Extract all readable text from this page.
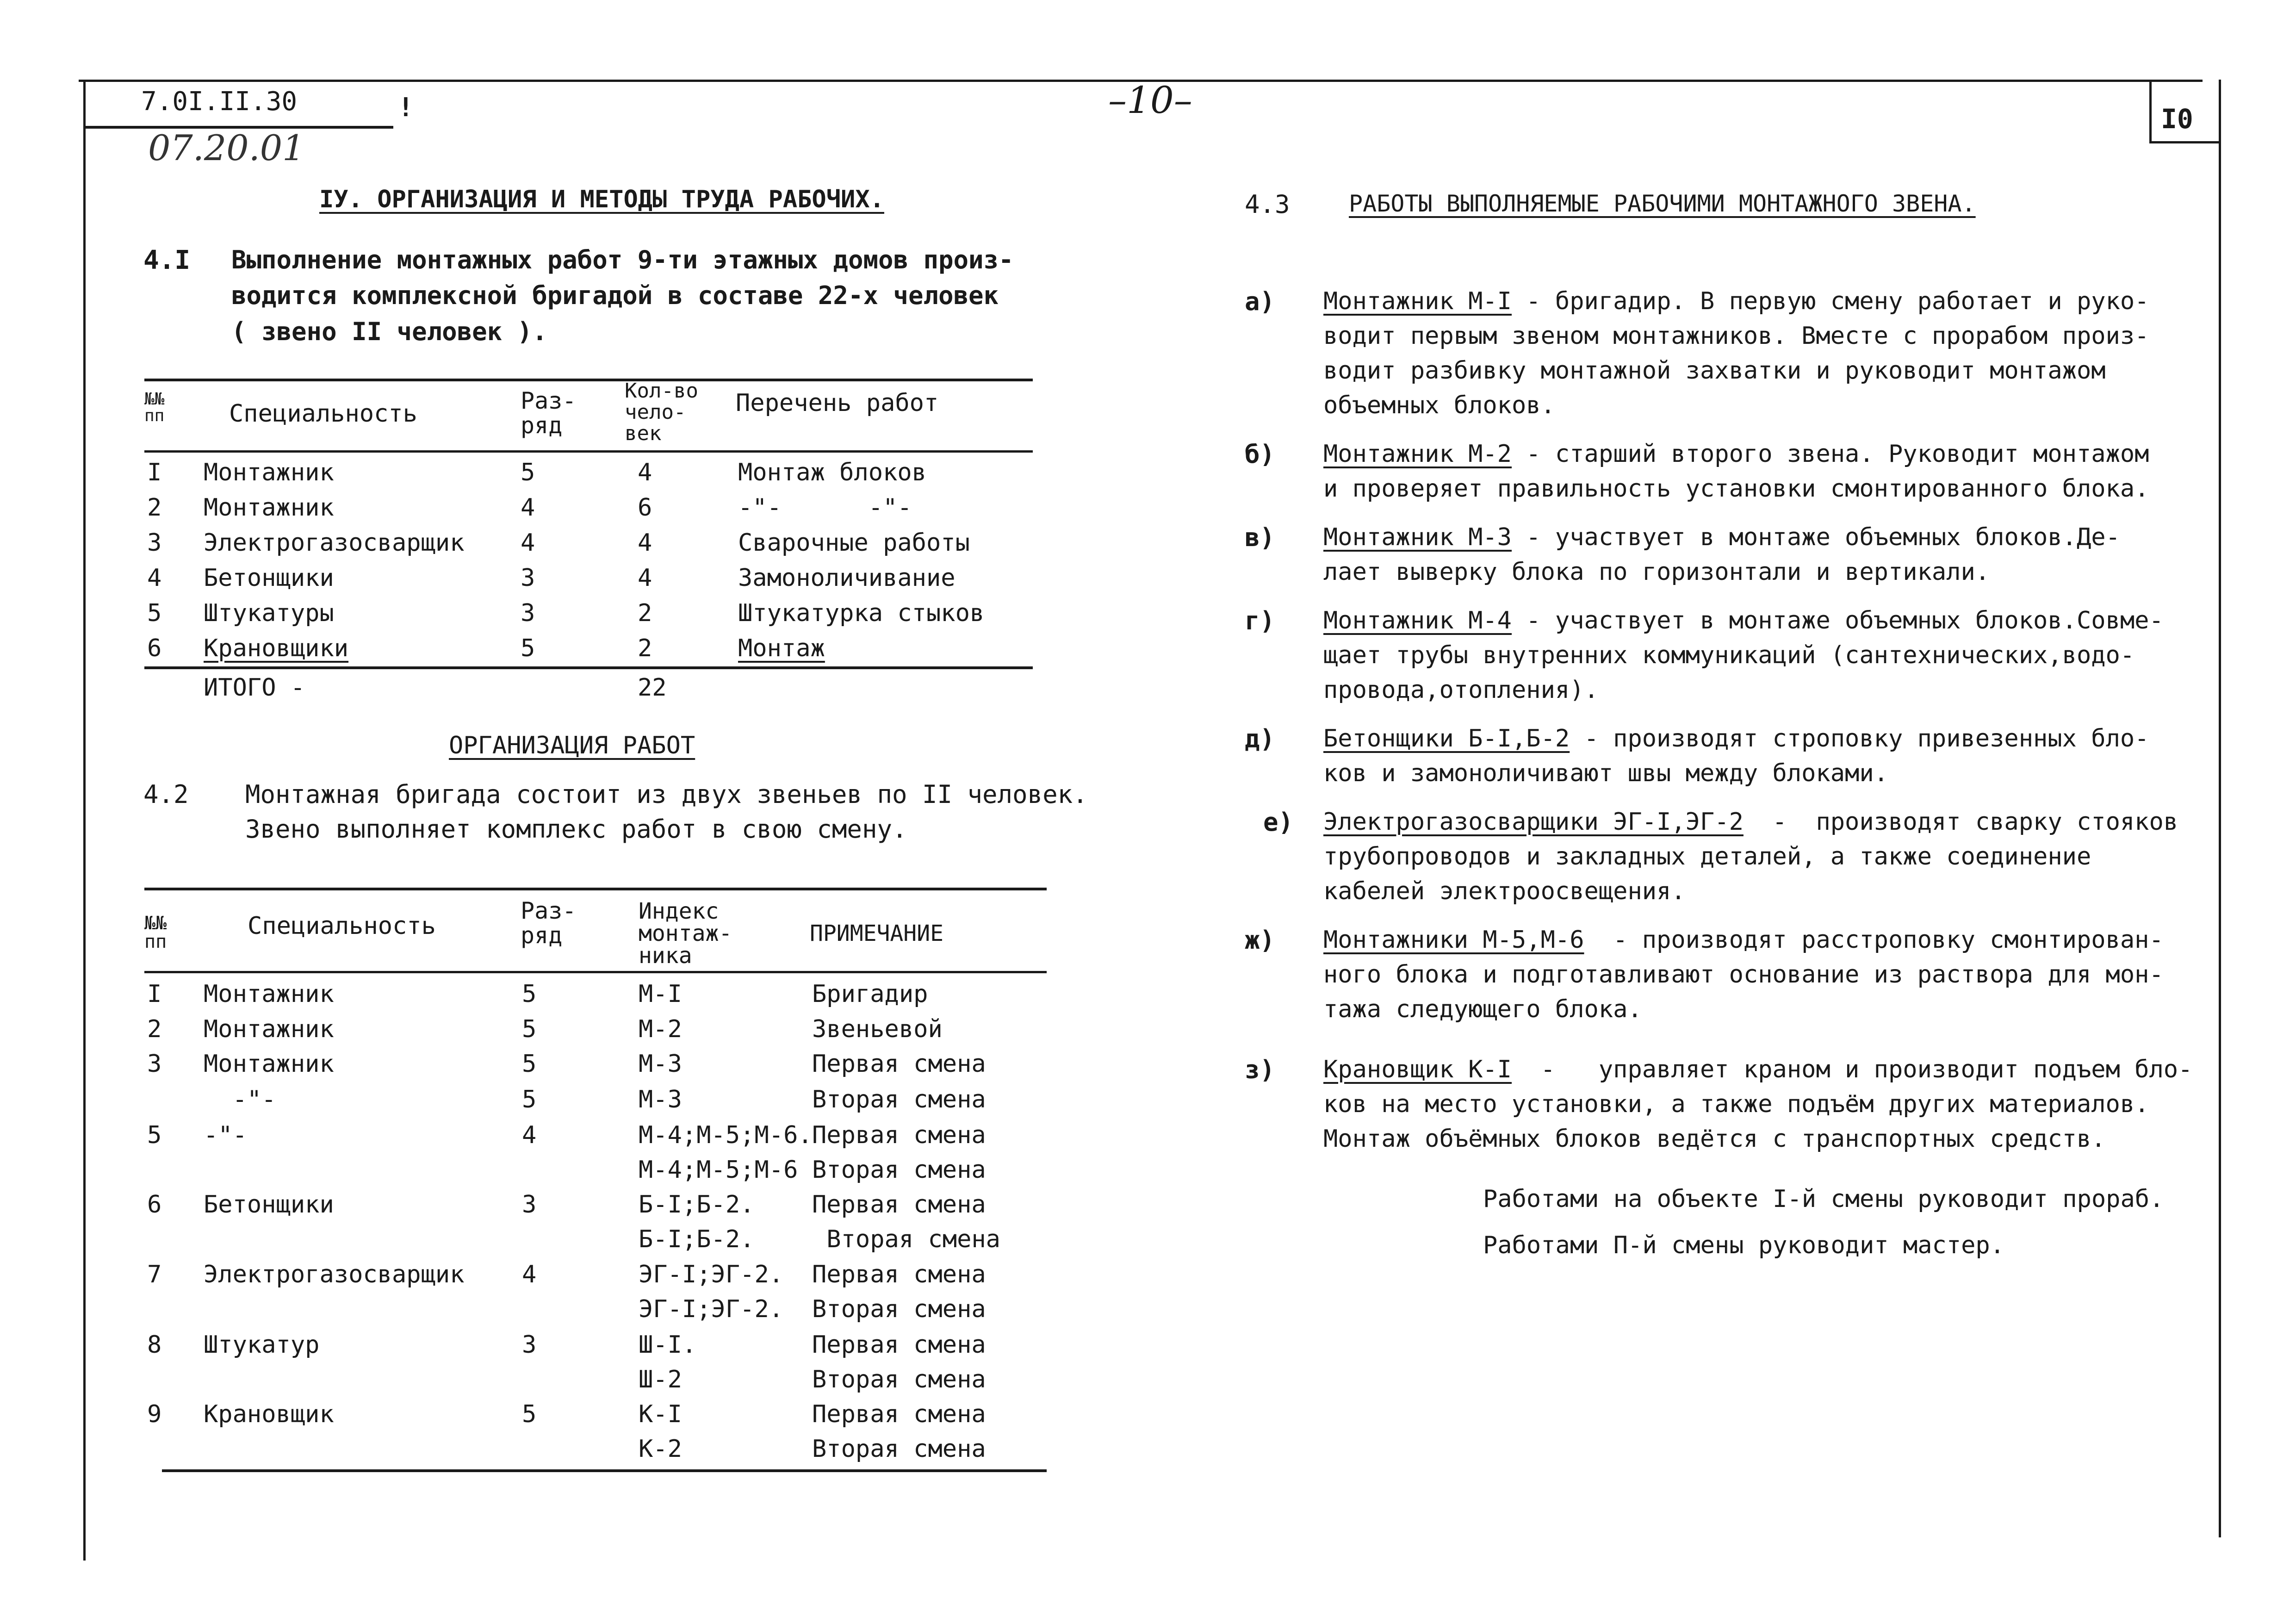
7.0I.II.30	!
07.20.01
–10–	I0
IУ. ОРГАНИЗАЦИЯ И МЕТОДЫ ТРУДА РАБОЧИХ.
4.I Выполнение монтажных работ 9-ти этажных домов произ-
водится комплексной бригадой в составе 22-х человек
( звено II человек ).
№№ пп	Специальность	Раз-
ряд
Кол-во
чело-
век
Перечень работ
I Монтажник	5	4	Монтаж блоков
2 Монтажник	4	6	-"-      -"-
3 Электрогазосварщик 4	4	Сварочные работы
4 Бетонщики	3	4	Замоноличивание
5 Штукатуры	3	2	Штукатурка стыков
6 Крановщики	5	2	Монтаж
ИТОГО -	22
ОРГАНИЗАЦИЯ РАБОТ
4.2 Монтажная бригада состоит из двух звеньев по II человек.
Звено выполняет комплекс работ в свою смену.
№№
пп
Специальность
Раз-
ряд
Индекс
монтаж-
ника
ПРИМЕЧАНИЕ
I Монтажник	5	М-I	Бригадир
2 Монтажник	5	М-2	Звеньевой
3 Монтажник	5	М-3	Первая смена
-"-	5	М-3	Вторая смена
5 -"-	4	М-4;М-5;М-6. Первая смена
М-4;М-5;М-6 Вторая смена
6 Бетонщики	3	Б-I;Б-2. Первая смена
Б-I;Б-2. Вторая смена
7 Электрогазосварщик 4	ЭГ-I;ЭГ-2. Первая смена
ЭГ-I;ЭГ-2. Вторая смена
8 Штукатур	3	Ш-I.	Первая смена
Ш-2	Вторая смена
9 Крановщик	5	К-I	Первая смена
К-2	Вторая смена
4.3	РАБОТЫ ВЫПОЛНЯЕМЫЕ РАБОЧИМИ МОНТАЖНОГО ЗВЕНА.
а) Монтажник М-I - бригадир. В первую смену работает и руко-
водит первым звеном монтажников. Вместе с прорабом произ-
водит разбивку монтажной захватки и руководит монтажом
объемных блоков.
б) Монтажник М-2 - старший второго звена. Руководит монтажом
и проверяет правильность установки смонтированного блока.
в) Монтажник М-3 - участвует в монтаже объемных блоков.Де-
лает выверку блока по горизонтали и вертикали.
г) Монтажник М-4 - участвует в монтаже объемных блоков.Совме-
щает трубы внутренних коммуникаций (сантехнических,водо-
провода,отопления).
д) Бетонщики Б-I,Б-2 - производят строповку привезенных бло-
ков и замоноличивают швы между блоками.
е) Электрогазосварщики ЭГ-I,ЭГ-2  -  производят сварку стояков
трубопроводов и закладных деталей, а также соединение
кабелей электроосвещения.
ж) Монтажники М-5,М-6  - производят расстроповку смонтирован-
ного блока и подготавливают основание из раствора для мон-
тажа следующего блока.
з) Крановщик К-I  -   управляет краном и производит подъем бло-
ков на место установки, а также подъём других материалов.
Монтаж объёмных блоков ведётся с транспортных средств.
Работами на объекте I-й смены руководит прораб.
Работами П-й смены руководит мастер.
